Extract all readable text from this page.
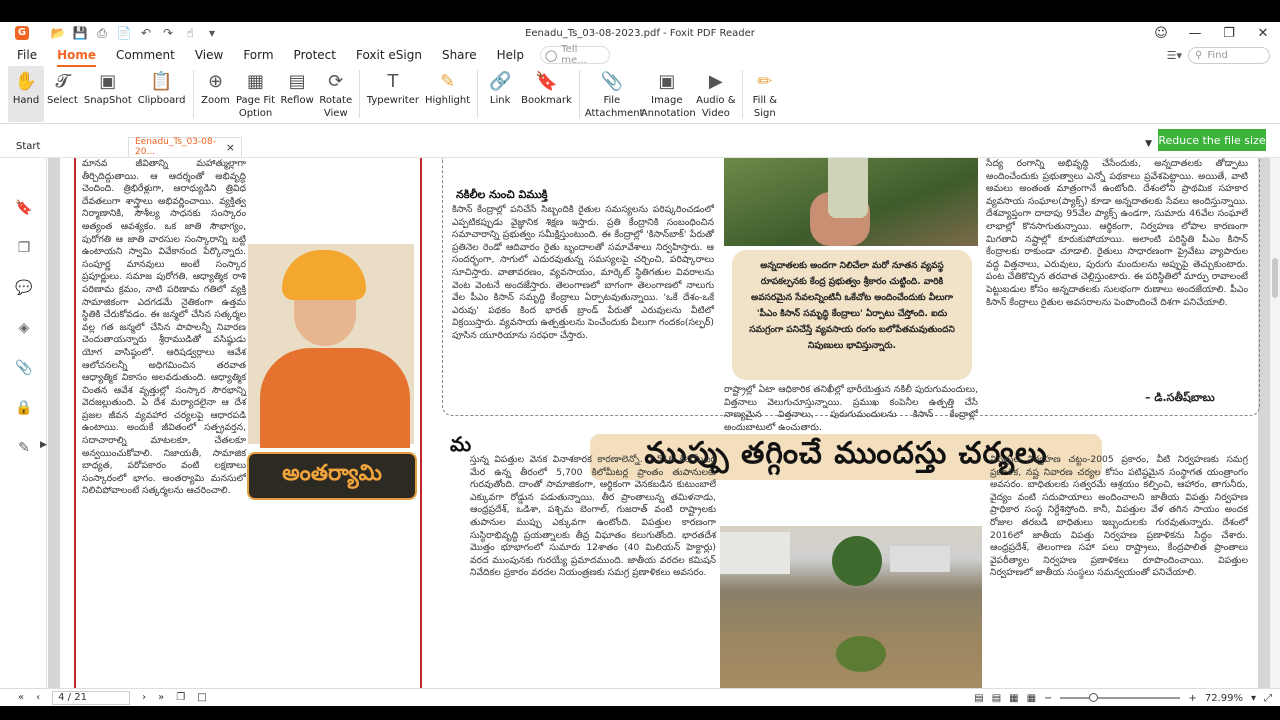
G 📂 💾 ⎙ 📄 ↶ ↷	☝	▾	Eenadu_Ts_03-08-2023.pdf - Foxit PDF Reader	☺	—	❐	✕
File Home Comment View Form Protect Foxit eSign Share Help ◯ Tell me...	☰▾ ⚲ Find
✋
Hand
𝓣
Select
▣
SnapShot
📋
Clipboard
⊕
Zoom
▦
Page Fit Option
▤
Reflow
⟳
Rotate View
T
Typewriter
✎
Highlight
🔗
Link
🔖
Bookmark
📎
File Attachment
▣
Image Annotation
▶
Audio & Video
✏
Fill & Sign
Start	Eenadu_Ts_03-08-20...	×	▼ Reduce the file size
🔖
❐
💬
◈
📎
🔒
✎	▶
మానవ జీవితాన్ని మహాత్ముల్లాగా తీర్చిదిద్దుతాయి. ఆ ఆదర్శంతో అభివృద్ధి చెందింది. త్రిభిరేళ్లుగా, ఆరాధ్యుడిని త్రివిధ దేవతలుగా శాస్త్రాలు అభివర్ణించాయి. వ్యక్తిత్వ నిర్మాణానికి, సౌశీల్య సాధనకు సంస్కారం అత్యంత ఆవశ్యకం. ఒక జాతి సౌభాగ్యం, పురోగతి ఆ జాతి వారసుల సంస్కారాన్ని బట్టి ఉంటాయని స్వామి వివేకానంద పేర్కొన్నారు. సంపూర్ణ మానవులు అంటే సంస్కార ప్రపూర్ణులు. సమాజ పురోగతి, ఆధ్యాత్మిక రాశి పరిణామ క్రమం, నాటి పరిణామ గతిలో వ్యక్తి సామాజికంగా ఎదగడమే నైతికంగా ఉత్తమ స్థితికి చేరుకోవడం. ఈ జన్మలో చేసిన సత్కర్మల వల్ల గత జన్మలో చేసిన పాపాలన్నీ నివారణ చెందుతాయన్నారు శ్రీరాముడితో వసిష్ఠుడు యోగ వాసిష్ఠంలో. ఆరిషడ్వర్గాలు ఆవేశ ఆలోచనలన్నీ అధిగమించిన తరవాత ఆధ్యాత్మిక వికాసం అలవడుతుంది. ఆధ్యాత్మిక చింతన ఆవేశ వృత్తుల్లో సంస్కార సౌరభాన్ని వెదజల్లుతుంది. ఏ దేశ మర్యాదలైనా ఆ దేశ ప్రజల జీవన వ్యవహార చర్యలపై ఆధారపడి ఉంటాయి. అందుకే జీవితంలో సత్ప్రవర్తన, సదాచారాల్ని మాటలకూ, చేతలకూ అన్వయించుకోవాలి. నిజాయతీ, సామాజిక బాధ్యత, పరోపకారం వంటి లక్షణాలు సంస్కారంలో భాగం. అంతర్యామి మనసులో నిలిచిపోవాలంటే సత్కర్మలను ఆచరించాలి.
అంతర్యామి
నకిలీల నుంచి విముక్తి
కిసాన్ కేంద్రాల్లో పనిచేసే సిబ్బందికి రైతుల సమస్యలను పరిష్కరించడంలో ఎప్పటికప్పుడు వైజ్ఞానిక శిక్షణ ఇస్తారు. ప్రతి కేంద్రానికి సంబంధించిన సమాచారాన్ని ప్రభుత్వం సమీక్షిస్తుంటుంది. ఈ కేంద్రాల్లో 'కిసాన్‌బాక్' పేరుతో ప్రతినెల రెండో ఆదివారం రైతు బృందాలతో సమావేశాలు నిర్వహిస్తారు. ఆ సందర్భంగా, సాగులో ఎదురవుతున్న సమస్యలపై చర్చించి, పరిష్కారాలు సూచిస్తారు. వాతావరణం, వ్యవసాయం, మార్కెట్ స్థితిగతుల వివరాలను వెంట వెంటనే అందజేస్తారు. తెలంగాణలో బాగంగా తెలంగాణలో నాలుగు వేల పీఎం కిసాన్ సమృద్ధి కేంద్రాలు ఏర్పాటవుతున్నాయి. 'ఒకే దేశం-ఒకే ఎరువు' పథకం కింద భారత్ బ్రాండ్ పేరుతో ఎరువులను వీటిలో విక్రయిస్తారు. వ్యవసాయ ఉత్పత్తులను పెంచేందుకు వీలుగా గందకం(సల్ఫర్) పూసిన యూరియాను సరఫరా చేస్తారు.
అన్నదాతలకు అందగా నిలిచేలా మరో నూతన వ్యవస్థ రూపకల్పనకు కేంద్ర ప్రభుత్వం శ్రీకారం చుట్టింది. వారికి అవసరమైన సేవలన్నింటినీ ఒకేచోట అందించేందుకు వీలుగా 'పీఎం కిసాన్ సమృద్ధి కేంద్రాలు' ఏర్పాటు చేస్తోంది. ఐదు సమగ్రంగా పనిచేస్తే వ్యవసాయ రంగం బలోపేతమవుతుందని నిపుణులు భావిస్తున్నారు.
రాష్ట్రాల్లో ఏటా ఆధికారిక తనిఖీల్లో భారీయెత్తున నకిలీ పురుగుమందులు, విత్తనాలు వెలుగుచూస్తున్నాయి. ప్రముఖ కంపెనీల ఉత్పత్తి చేసే నాణ్యమైన విత్తనాలు, పురుగుమందులను కిసాన్ కేంద్రాల్లో అందుబాటులో ఉంచుతారు.
సేద్య రంగాన్ని అభివృద్ధి చేసేందుకు, అన్నదాతలకు తోడ్పాటు అందించేందుకు ప్రభుత్వాలు ఎన్నో పథకాలు ప్రవేశపెట్టాయి. అయితే, వాటి అమలు అంతంత మాత్రంగానే ఉంటోంది. దేశంలోని ప్రాథమిక సహకార వ్యవసాయ సంఘాల(ప్యాక్స్) కూడా అన్నదాతలకు సేవలు అందిస్తున్నాయి. దేశవ్యాప్తంగా దాదాపు 95వేల ప్యాక్స్ ఉండగా, సుమారు 46వేల సంఘాలే లాభాల్లో కొనసాగుతున్నాయి. ఆర్థికంగా, నిర్వహణ లోపాల కారణంగా మిగతావి నష్టాల్లో కూరుకుపోయాయి. అలాంటి పరిస్థితి పీఎం కిసాన్ కేంద్రాలకు రాకుండా చూడాలి. రైతులు సాధారణంగా ప్రైవేటు వ్యాపారుల వద్ద విత్తనాలు, ఎరువులు, పురుగు మందులను అప్పుపై తెచ్చుకుంటారు. పంట చేతికొచ్చిన తరవాత చెల్లిస్తుంటారు. ఈ పరిస్థితిలో మార్పు రావాలంటే పెట్టుబడుల కోసం అన్నదాతలకు సులభంగా రుణాలు అందజేయాలి. పీఎం కిసాన్ కేంద్రాలు రైతుల అవసరాలను పెంపొందించే దిశగా పనిచేయాలి.
– డి.సతీష్‌బాబు
మ	ముప్పు తగ్గించే ముందస్తు చర్యలు
స్తున్న విపత్తుల వెనక వినాశకారక కారణాలెన్నో. 7,516 కిలోమీటర్ల మేర ఉన్న తీరంలో 5,700 కిలోమీటర్ల ప్రాంతం తుపానులకు గురవుతోంది. దాంతో సామాజికంగా, ఆర్థికంగా వెనకబడిన కుటుంబాలే ఎక్కువగా రోడ్డున పడుతున్నాయి. తీర ప్రాంతాలున్న తమిళనాడు, ఆంధ్రప్రదేశ్, ఒడిశా, పశ్చిమ బెంగాల్, గుజరాత్ వంటి రాష్ట్రాలకు తుపానుల ముప్పు ఎక్కువగా ఉంటోంది. విపత్తుల కారణంగా సుస్థిరాభివృద్ధి ప్రయత్నాలకు తీవ్ర విఘాతం కలుగుతోంది. భారతదేశ మొత్తం భూభాగంలో సుమారు 12శాతం (40 మిలియన్ హెక్టార్లు) వరద ముంపునకు గురయ్యే ప్రమాదముంది. జాతీయ వరదల కమిషన్ నివేదికల ప్రకారం వరదల నియంత్రణకు సమగ్ర ప్రణాళికలు అవసరం.
విపత్తుల నిర్వహణ చట్టం-2005 ప్రకారం, వీటి నిర్వహణకు సమగ్ర ప్రణాళిక, నష్ట నివారణ చర్యల కోసం పటిష్ఠమైన సంస్థాగత యంత్రాంగం అవసరం. బాధితులకు సత్వరమే ఆశ్రయం కల్పించి, ఆహారం, తాగునీరు, వైద్యం వంటి సదుపాయాలు అందించాలని జాతీయ విపత్తు నిర్వహణ ప్రాధికార సంస్థ నిర్దేశిస్తోంది. కానీ, విపత్తుల వేళ తగిన సాయం అందక రోజుల తరబడి బాధితులు ఇబ్బందులకు గురవుతున్నారు. దేశంలో 2016లో జాతీయ విపత్తు నిర్వహణ ప్రణాళికను సిద్ధం చేశారు. ఆంధ్రప్రదేశ్, తెలంగాణ సహా పలు రాష్ట్రాలు, కేంద్రపాలిత ప్రాంతాలు వైపరీత్యాల నిర్వహణ ప్రణాళికలు రూపొందించాయి. విపత్తుల నిర్వహణలో జాతీయ సంస్థలు సమన్వయంతో పనిచేయాలి.
« ‹	4 / 21	› » ❐ □	▤ ▤ ▦ ▦ −	+ 72.99% ▾ ⤢
